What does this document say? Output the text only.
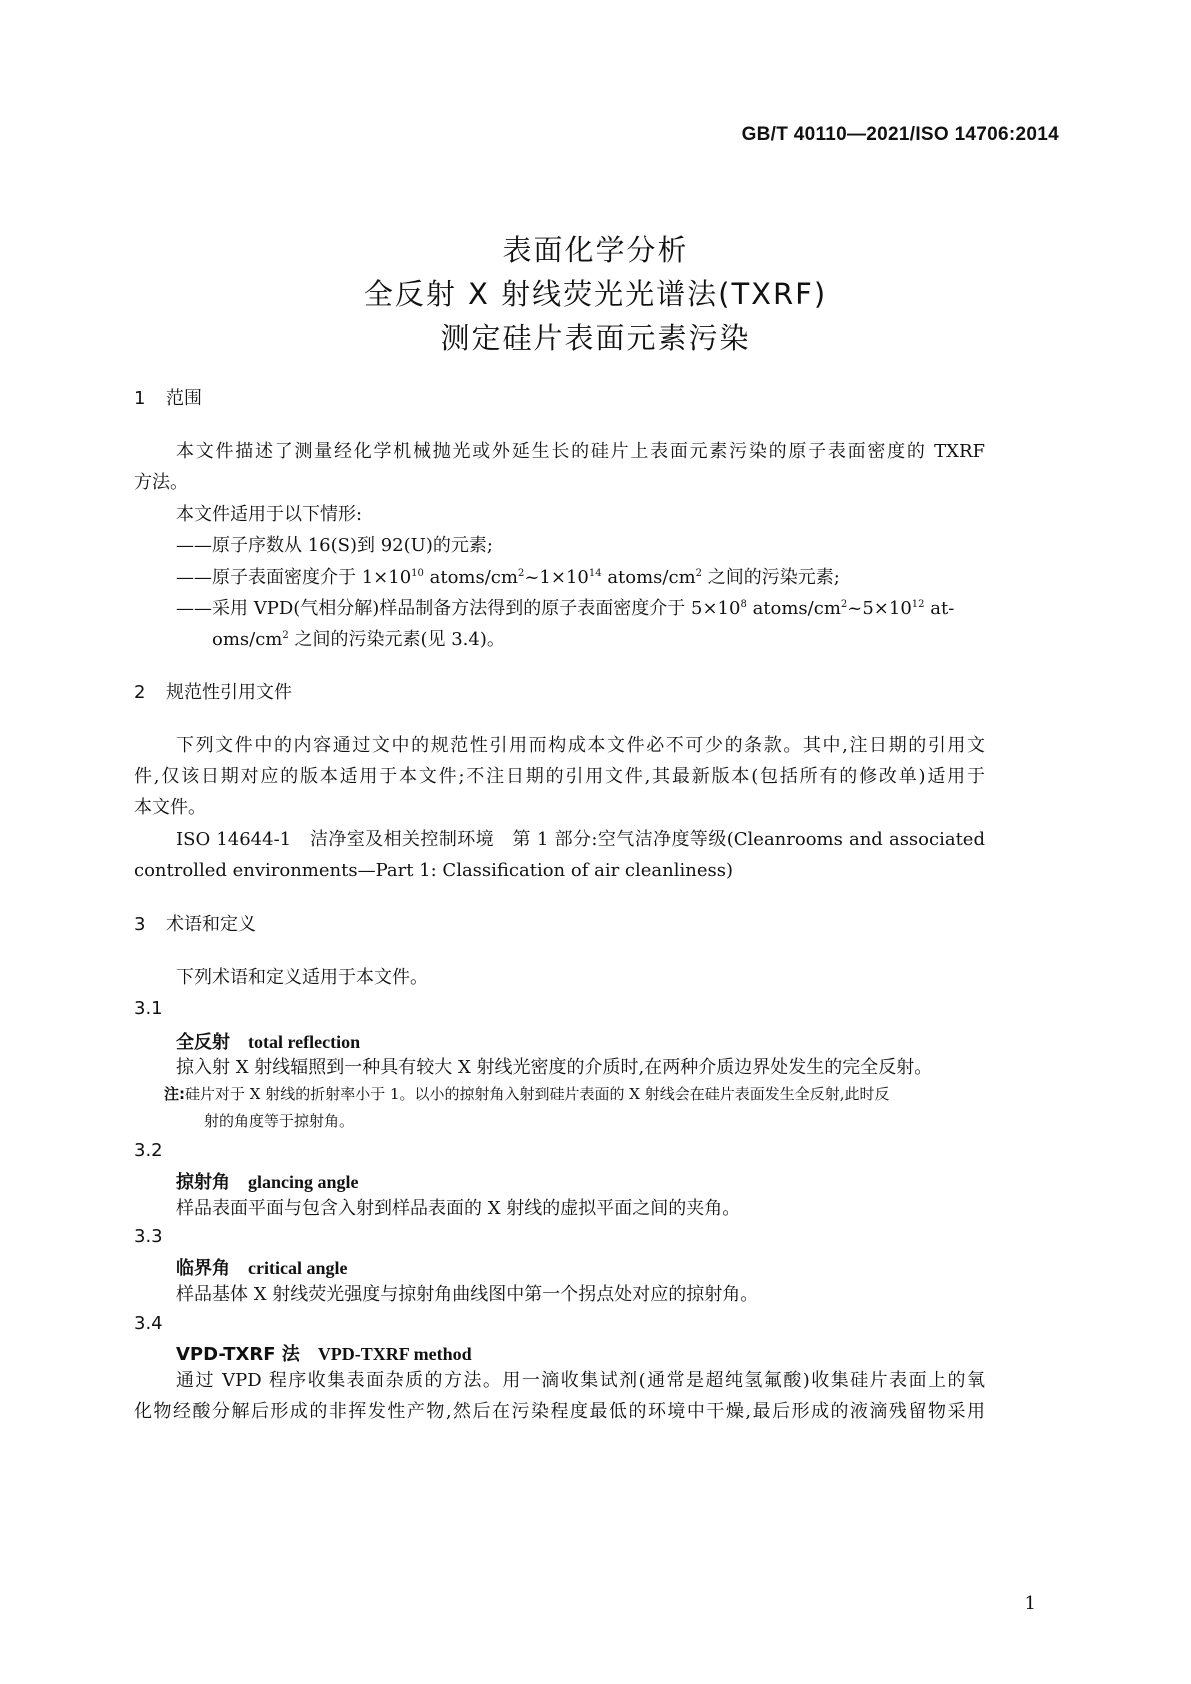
GB/T 40110—2021/ISO 14706:2014
表面化学分析
全反射 X 射线荧光光谱法(TXRF)
测定硅片表面元素污染
1 范围
本文件描述了测量经化学机械抛光或外延生长的硅片上表面元素污染的原子表面密度的 TXRF
方法。
本文件适用于以下情形:
——原子序数从 16(S)到 92(U)的元素;
——原子表面密度介于 $1\times 10^{10}$ atoms/$cm^2\sim 1\times 10^{14}$ atoms/$cm^2$ 之间的污染元素;
——采用 VPD(气相分解)样品制备方法得到的原子表面密度介于 $5\times 10^8$ atoms/$cm^2\sim 5\times 10^{12}$ at-
oms/$cm^2$ 之间的污染元素(见 3.4)。
2 规范性引用文件
下列文件中的内容通过文中的规范性引用而构成本文件必不可少的条款。其中,注日期的引用文
件,仅该日期对应的版本适用于本文件;不注日期的引用文件,其最新版本(包括所有的修改单)适用于
本文件。
ISO 14644-1　洁净室及相关控制环境　第 1 部分:空气洁净度等级(Cleanrooms and associated
controlled environments—Part 1: Classification of air cleanliness)
3 术语和定义
下列术语和定义适用于本文件。
3.1
全反射 total reflection
掠入射 X 射线辐照到一种具有较大 X 射线光密度的介质时,在两种介质边界处发生的完全反射。
注:硅片对于 X 射线的折射率小于 1。以小的掠射角入射到硅片表面的 X 射线会在硅片表面发生全反射,此时反
射的角度等于掠射角。
3.2
掠射角 glancing angle
样品表面平面与包含入射到样品表面的 X 射线的虚拟平面之间的夹角。
3.3
临界角 critical angle
样品基体 X 射线荧光强度与掠射角曲线图中第一个拐点处对应的掠射角。
3.4
VPD-TXRF 法 VPD-TXRF method
通过 VPD 程序收集表面杂质的方法。用一滴收集试剂(通常是超纯氢氟酸)收集硅片表面上的氧
化物经酸分解后形成的非挥发性产物,然后在污染程度最低的环境中干燥,最后形成的液滴残留物采用
1
